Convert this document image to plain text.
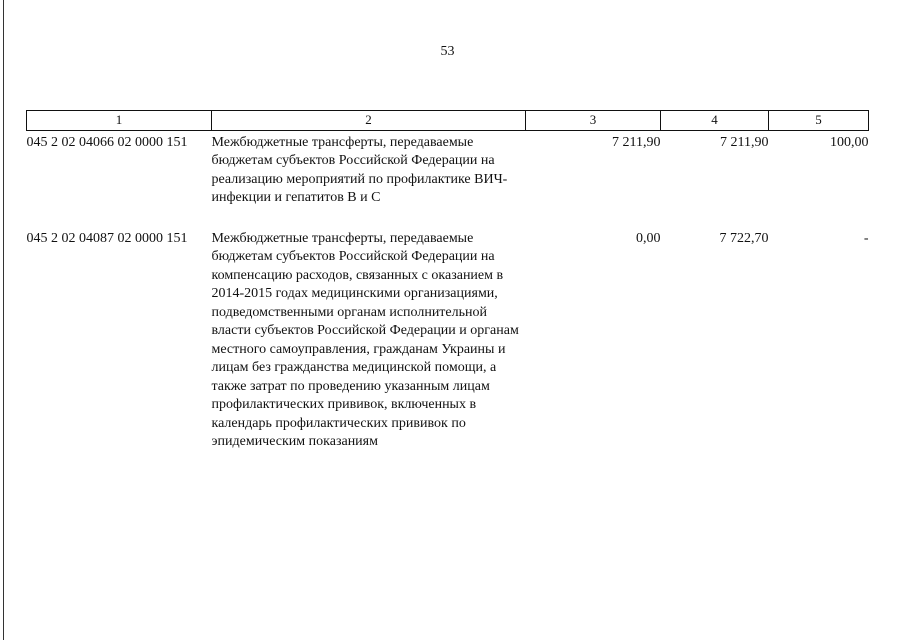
53
1	2	3	4	5
045 2 02 04066 02 0000 151	Межбюджетные трансферты, передаваемые бюджетам субъектов Российской Федерации на реализацию мероприятий по профилактике ВИЧ-инфекции и гепатитов В и С	7 211,90	7 211,90	100,00
045 2 02 04087 02 0000 151	Межбюджетные трансферты, передаваемые бюджетам субъектов Российской Федерации на компенсацию расходов, связанных с оказанием в 2014-2015 годах медицинскими организациями, подведомственными органам исполнительной власти субъектов Российской Федерации и органам местного самоуправления, гражданам Украины и лицам без гражданства медицинской помощи, а также затрат по проведению указанным лицам профилактических прививок, включенных в календарь профилактических прививок по эпидемическим показаниям	0,00	7 722,70	-
